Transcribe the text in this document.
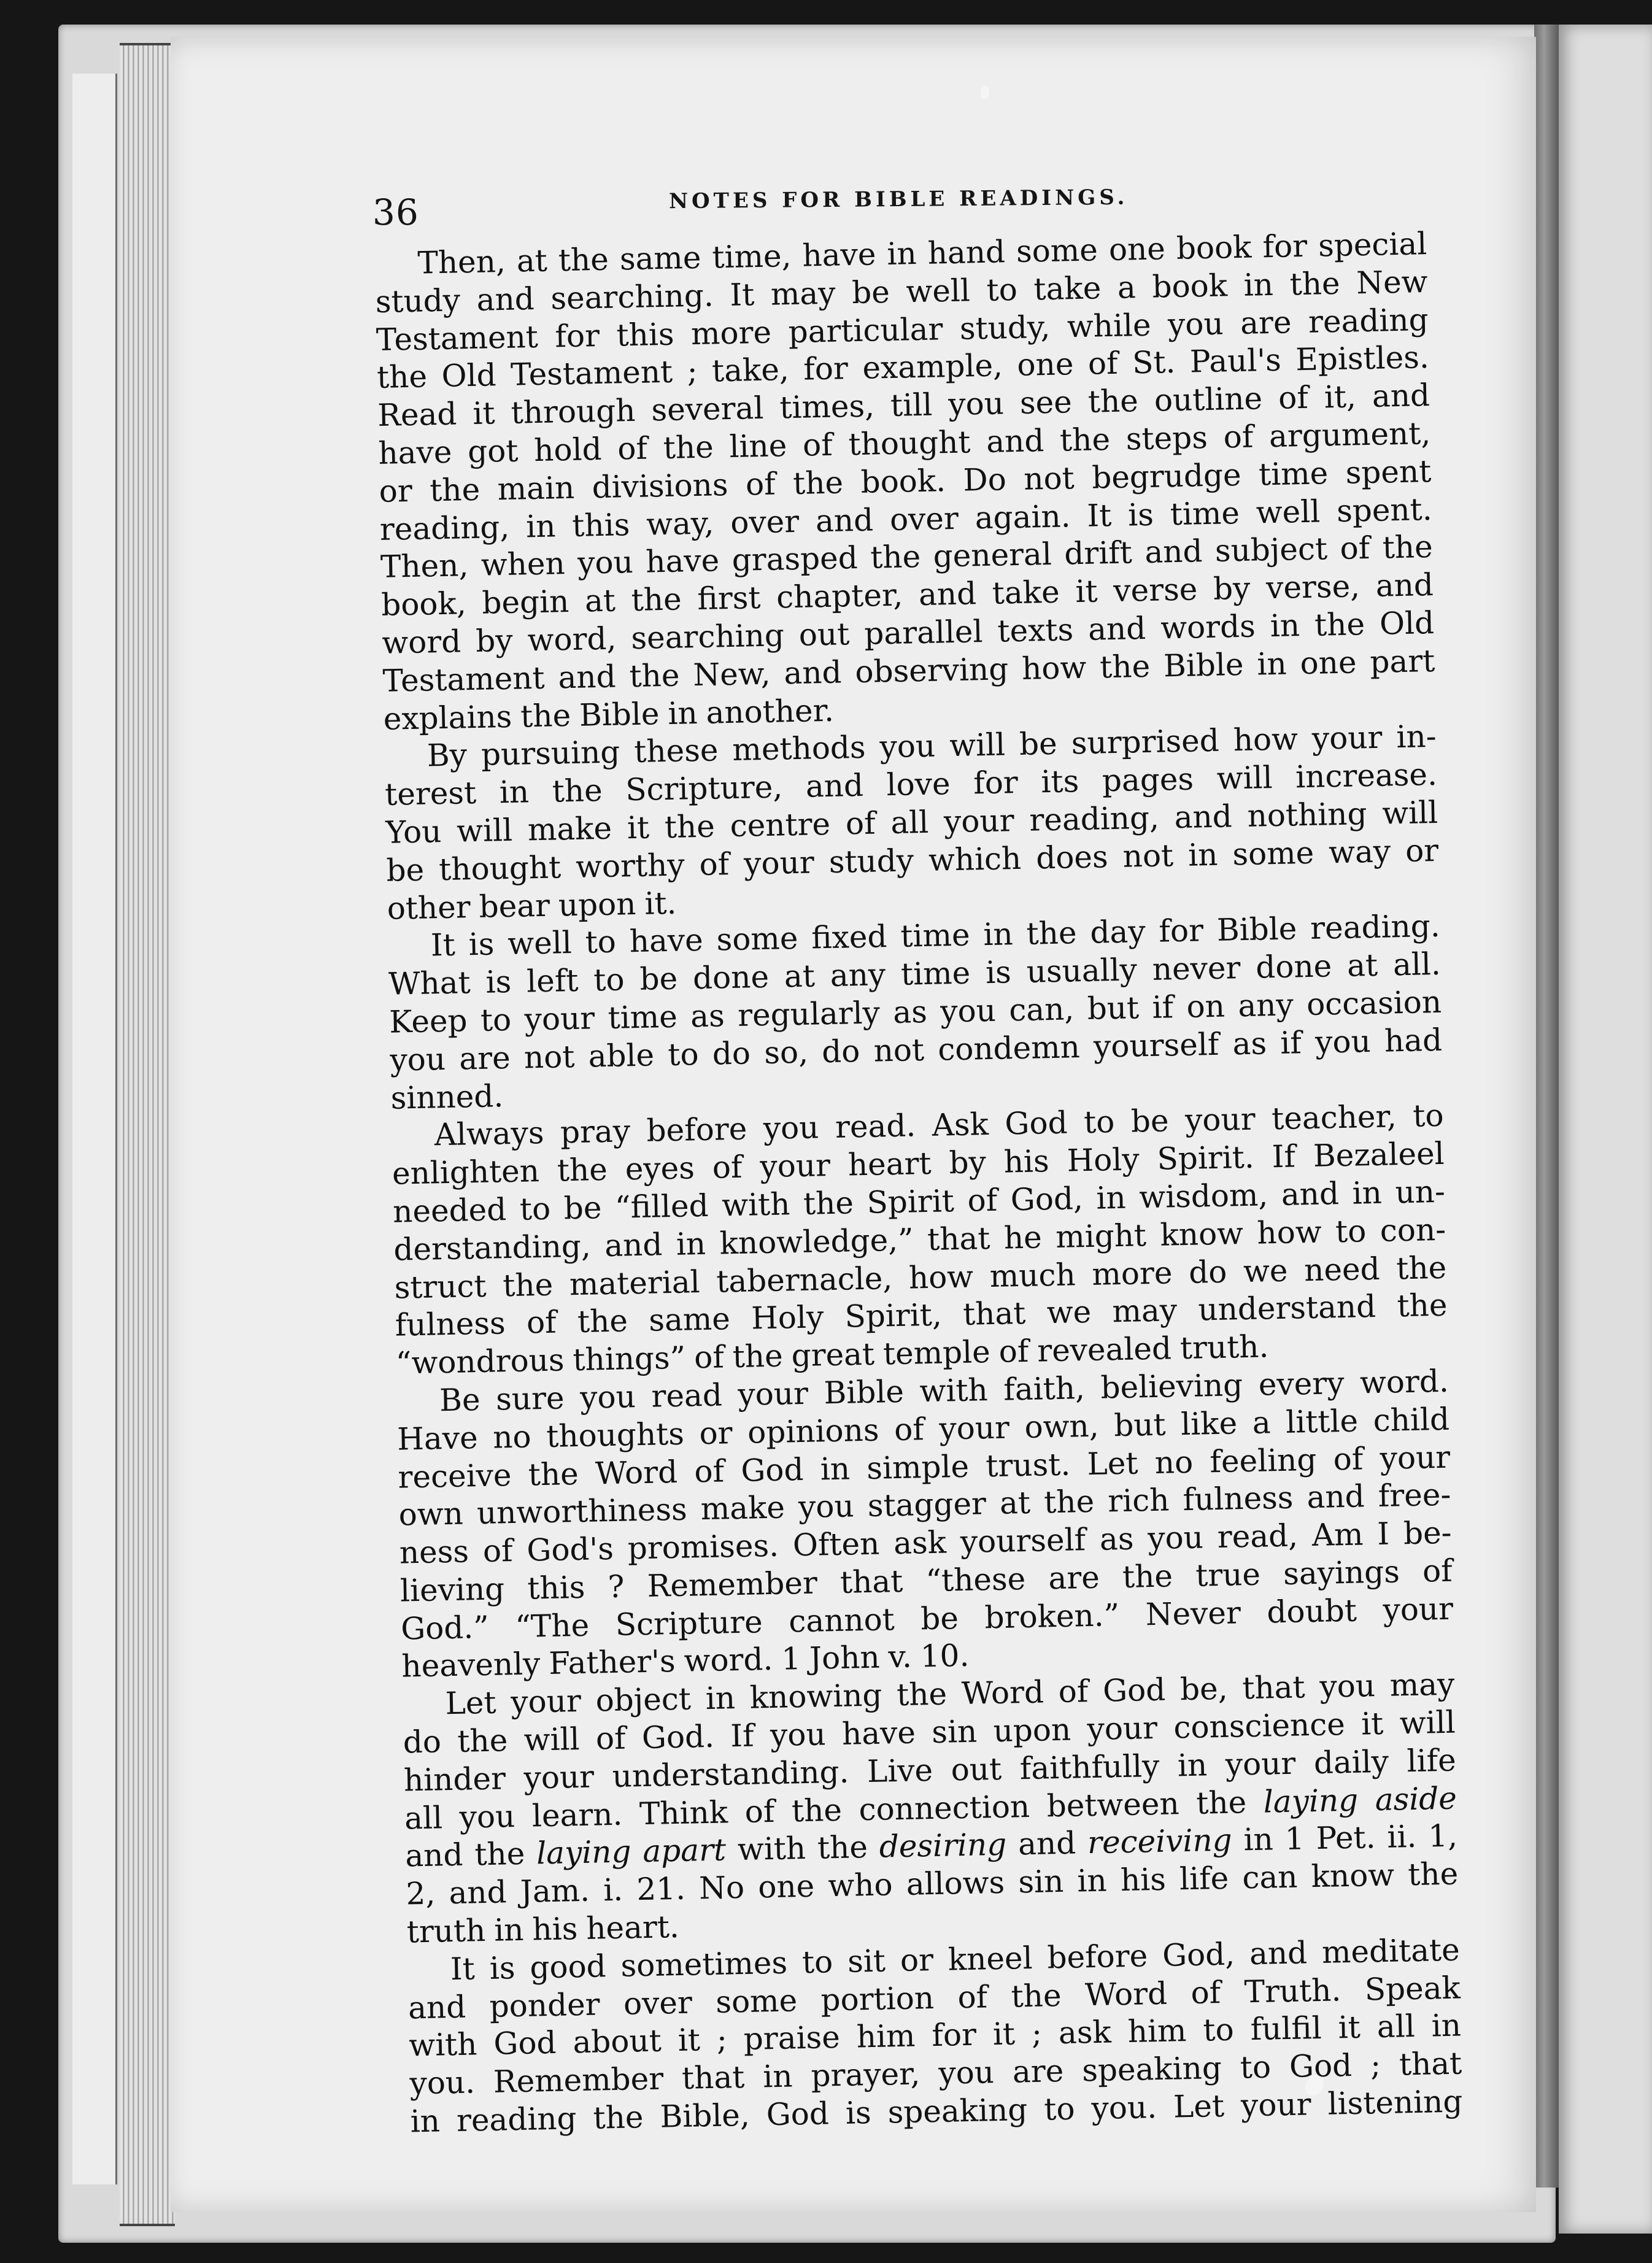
36	NOTES FOR BIBLE READINGS.
Then, at the same time, have in hand some one book for special
study and searching. It may be well to take a book in the New
Testament for this more particular study, while you are reading
the Old Testament ; take, for example, one of St. Paul's Epistles.
Read it through several times, till you see the outline of it, and
have got hold of the line of thought and the steps of argument,
or the main divisions of the book. Do not begrudge time spent
reading, in this way, over and over again. It is time well spent.
Then, when you have grasped the general drift and subject of the
book, begin at the first chapter, and take it verse by verse, and
word by word, searching out parallel texts and words in the Old
Testament and the New, and observing how the Bible in one part
explains the Bible in another.
By pursuing these methods you will be surprised how your in-
terest in the Scripture, and love for its pages will increase.
You will make it the centre of all your reading, and nothing will
be thought worthy of your study which does not in some way or
other bear upon it.
It is well to have some fixed time in the day for Bible reading.
What is left to be done at any time is usually never done at all.
Keep to your time as regularly as you can, but if on any occasion
you are not able to do so, do not condemn yourself as if you had
sinned.
Always pray before you read. Ask God to be your teacher, to
enlighten the eyes of your heart by his Holy Spirit. If Bezaleel
needed to be “filled with the Spirit of God, in wisdom, and in un-
derstanding, and in knowledge,” that he might know how to con-
struct the material tabernacle, how much more do we need the
fulness of the same Holy Spirit, that we may understand the
“wondrous things” of the great temple of revealed truth.
Be sure you read your Bible with faith, believing every word.
Have no thoughts or opinions of your own, but like a little child
receive the Word of God in simple trust. Let no feeling of your
own unworthiness make you stagger at the rich fulness and free-
ness of God's promises. Often ask yourself as you read, Am I be-
lieving this ? Remember that “these are the true sayings of
God.” “The Scripture cannot be broken.” Never doubt your
heavenly Father's word. 1 John v. 10.
Let your object in knowing the Word of God be, that you may
do the will of God. If you have sin upon your conscience it will
hinder your understanding. Live out faithfully in your daily life
all you learn. Think of the connection between the laying aside
and the laying apart with the desiring and receiving in 1 Pet. ii. 1,
2, and Jam. i. 21. No one who allows sin in his life can know the
truth in his heart.
It is good sometimes to sit or kneel before God, and meditate
and ponder over some portion of the Word of Truth. Speak
with God about it ; praise him for it ; ask him to fulfil it all in
you. Remember that in prayer, you are speaking to God ; that
in reading the Bible, God is speaking to you. Let your listening
